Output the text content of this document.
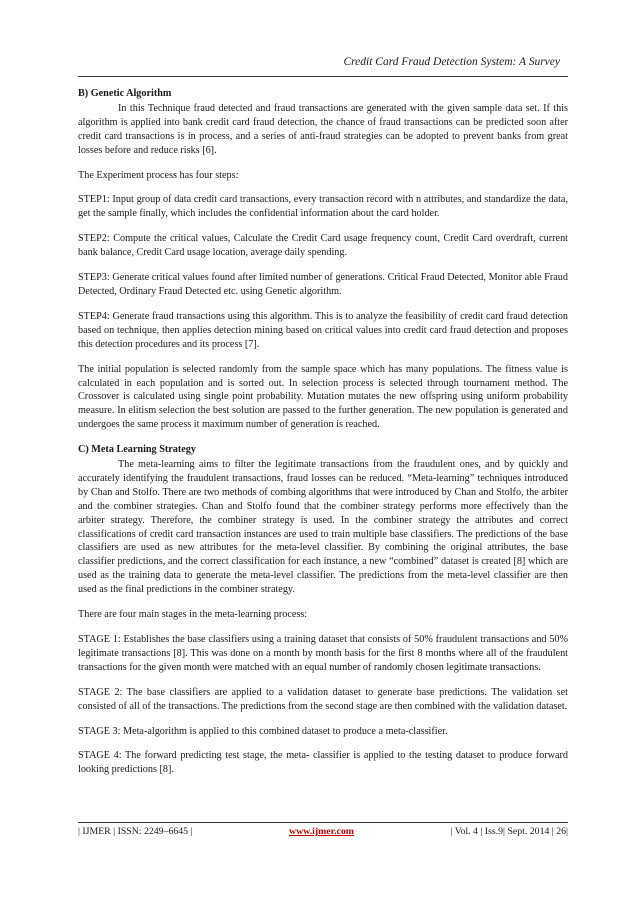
Credit Card Fraud Detection System: A Survey
B) Genetic Algorithm

In this Technique fraud detected and fraud transactions are generated with the given sample data set. If this algorithm is applied into bank credit card fraud detection, the chance of fraud transactions can be predicted soon after credit card transactions is in process, and a series of anti-fraud strategies can be adopted to prevent banks from great losses before and reduce risks [6].

The Experiment process has four steps:

STEP1: Input group of data credit card transactions, every transaction record with n attributes, and standardize the data, get the sample finally, which includes the confidential information about the card holder.

STEP2: Compute the critical values, Calculate the Credit Card usage frequency count, Credit Card overdraft, current bank balance, Credit Card usage location, average daily spending.

STEP3: Generate critical values found after limited number of generations. Critical Fraud Detected, Monitor able Fraud Detected, Ordinary Fraud Detected etc. using Genetic algorithm.

STEP4: Generate fraud transactions using this algorithm. This is to analyze the feasibility of credit card fraud detection based on technique, then applies detection mining based on critical values into credit card fraud detection and proposes this detection procedures and its process [7].

The initial population is selected randomly from the sample space which has many populations. The fitness value is calculated in each population and is sorted out. In selection process is selected through tournament method. The Crossover is calculated using single point probability. Mutation mutates the new offspring using uniform probability measure. In elitism selection the best solution are passed to the further generation. The new population is generated and undergoes the same process it maximum number of generation is reached.

C) Meta Learning Strategy

The meta-learning aims to filter the legitimate transactions from the fraudulent ones, and by quickly and accurately identifying the fraudulent transactions, fraud losses can be reduced. “Meta-learning” techniques introduced by Chan and Stolfo. There are two methods of combing algorithms that were introduced by Chan and Stolfo, the arbiter and the combiner strategies. Chan and Stolfo found that the combiner strategy performs more effectively than the arbiter strategy. Therefore, the combiner strategy is used. In the combiner strategy the attributes and correct classifications of credit card transaction instances are used to train multiple base classifiers. The predictions of the base classifiers are used as new attributes for the meta-level classifier. By combining the original attributes, the base classifier predictions, and the correct classification for each instance, a new “combined” dataset is created [8] which are used as the training data to generate the meta-level classifier. The predictions from the meta-level classifier are then used as the final predictions in the combiner strategy.

There are four main stages in the meta-learning process:

STAGE 1: Establishes the base classifiers using a training dataset that consists of 50% fraudulent transactions and 50% legitimate transactions [8]. This was done on a month by month basis for the first 8 months where all of the fraudulent transactions for the given month were matched with an equal number of randomly chosen legitimate transactions.

STAGE 2: The base classifiers are applied to a validation dataset to generate base predictions. The validation set consisted of all of the transactions. The predictions from the second stage are then combined with the validation dataset.

STAGE 3: Meta-algorithm is applied to this combined dataset to produce a meta-classifier.

STAGE 4: The forward predicting test stage, the meta- classifier is applied to the testing dataset to produce forward looking predictions [8].

| IJMER | ISSN: 2249–6645 |	www.ijmer.com	| Vol. 4 | Iss.9| Sept. 2014 | 26|
